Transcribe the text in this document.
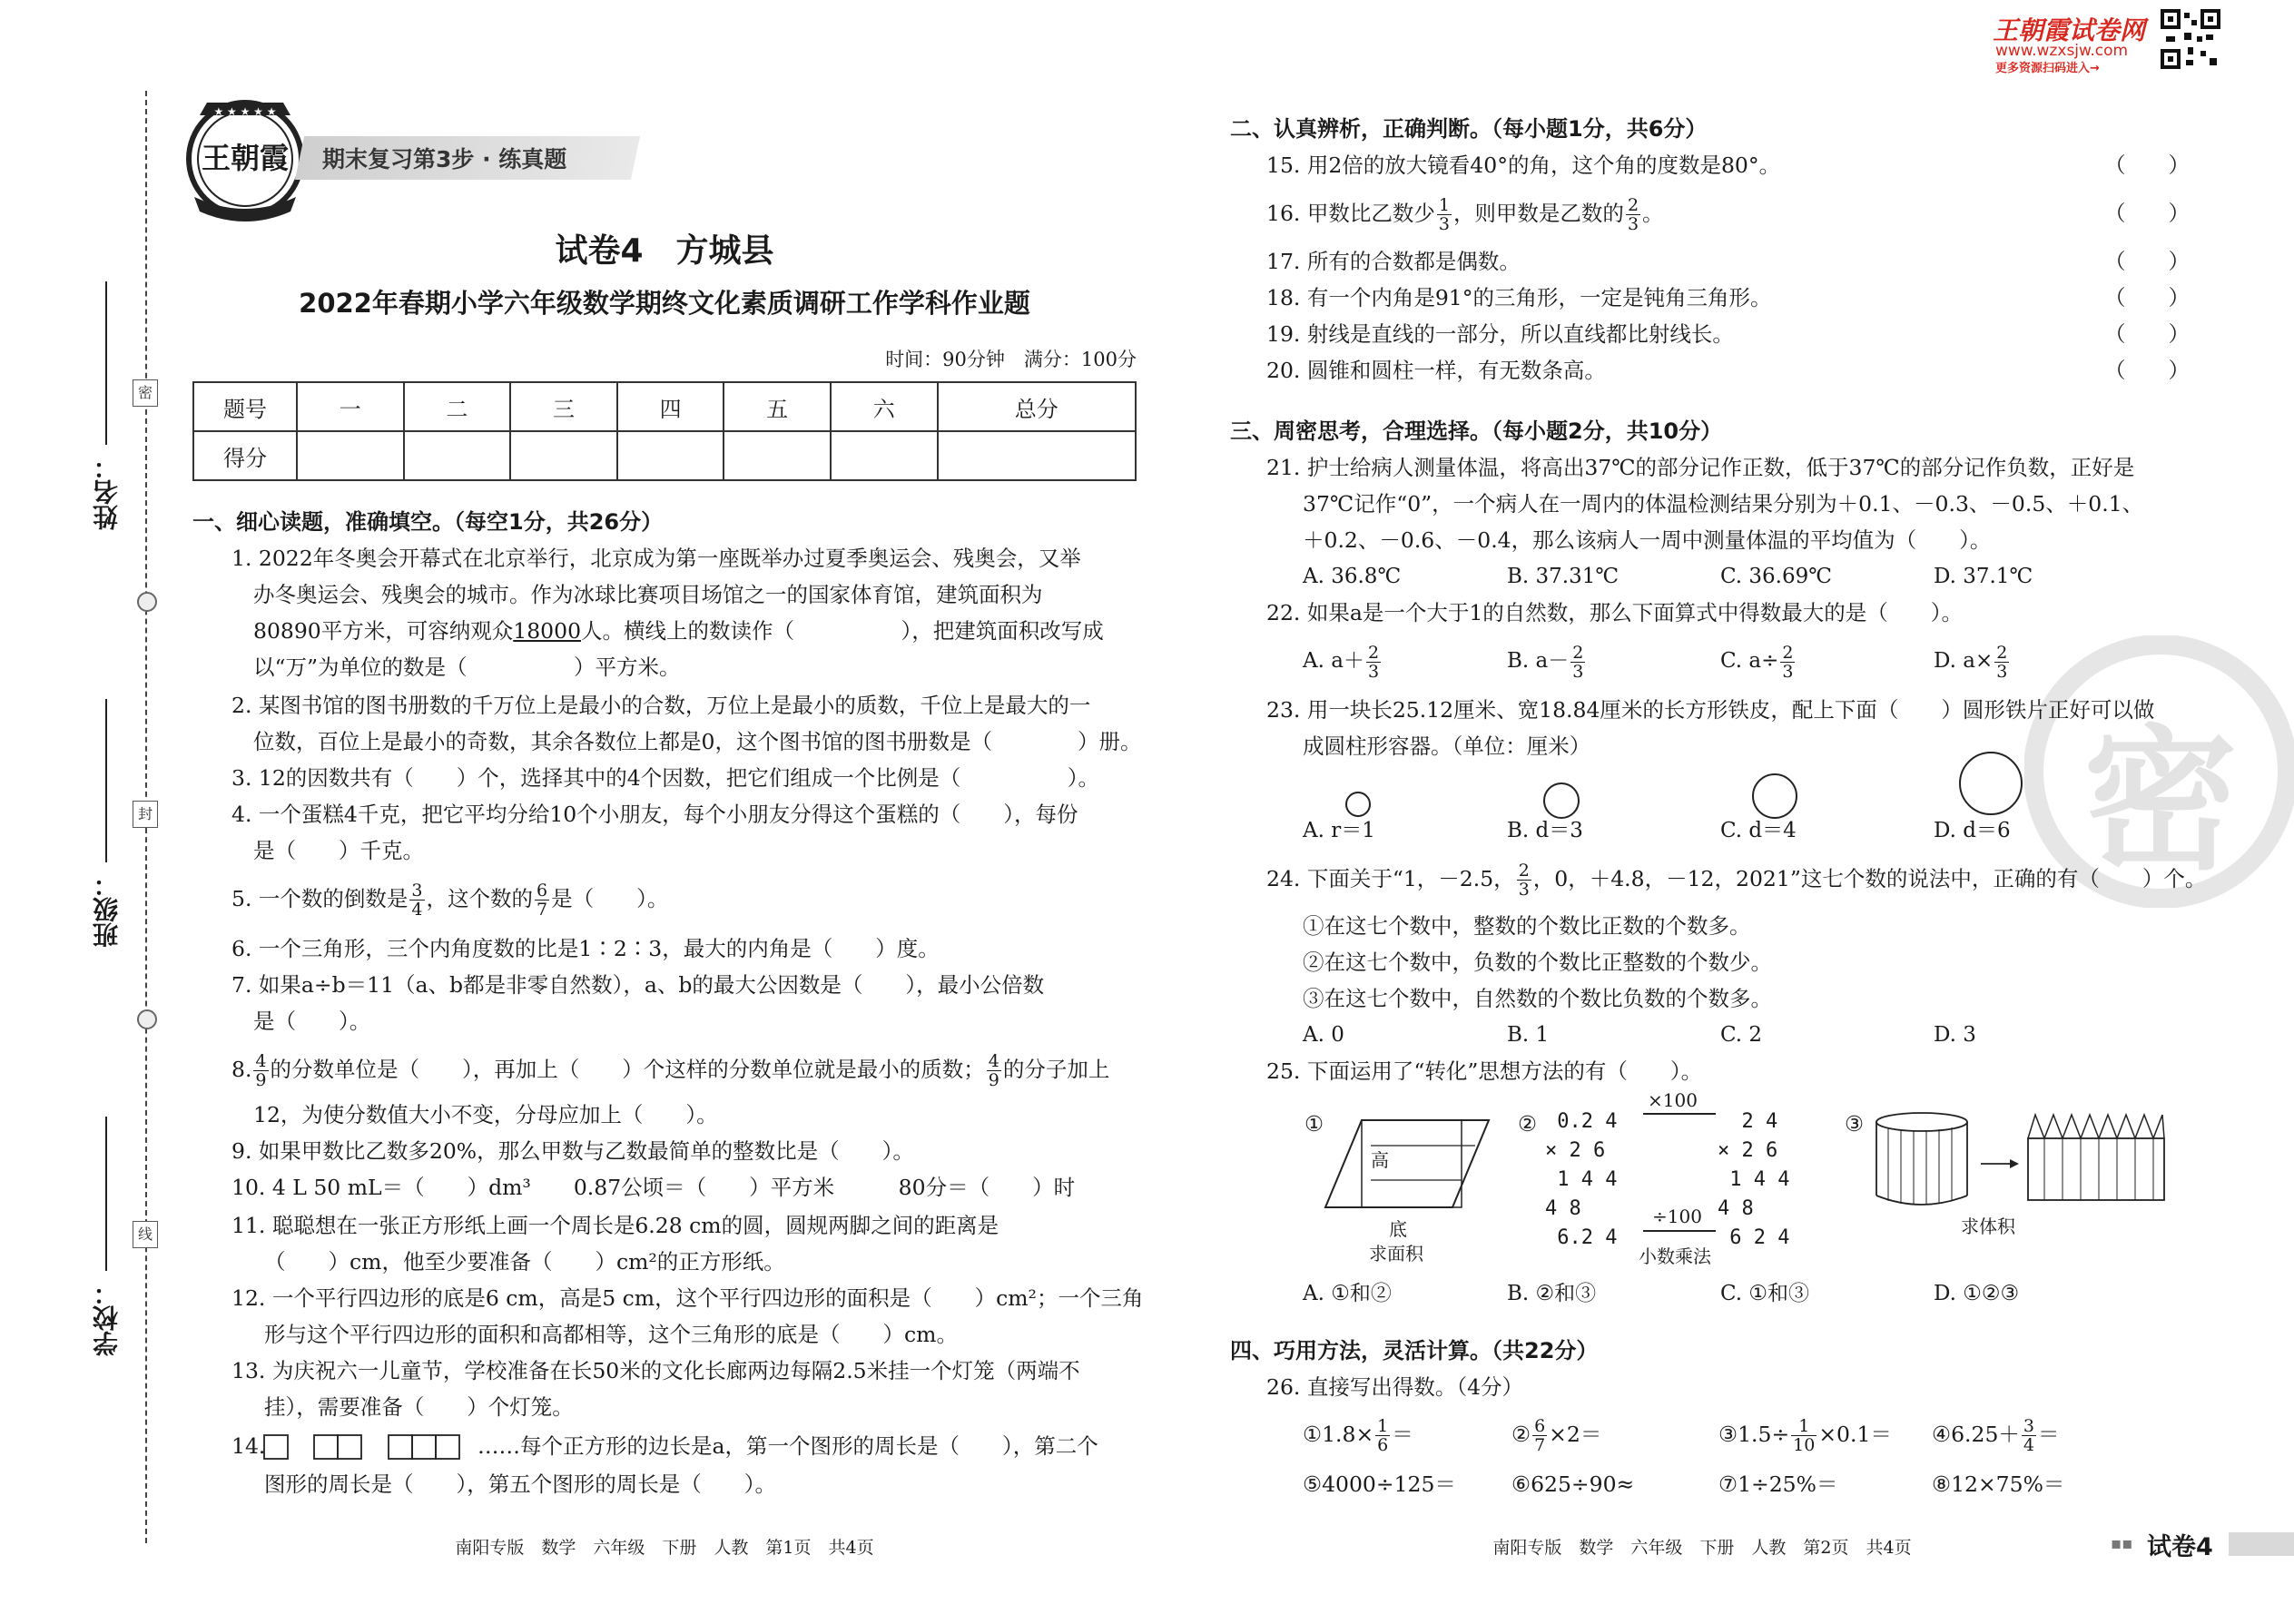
密
封
线
姓名：
班级：
学校：
★ ★ ★ ★ ★
王朝霞 期末复习第3步 · 练真题
试卷4　方城县
2022年春期小学六年级数学期终文化素质调研工作学科作业题
时间：90分钟　满分：100分
题号	一	二	三	四	五	六	总分
得分							
一、细心读题，准确填空。（每空1分，共26分）
1. 2022年冬奥会开幕式在北京举行，北京成为第一座既举办过夏季奥运会、残奥会，又举
办冬奥运会、残奥会的城市。作为冰球比赛项目场馆之一的国家体育馆，建筑面积为
80890平方米，可容纳观众18000人。横线上的数读作（　　　　　），把建筑面积改写成
以“万”为单位的数是（　　　　　）平方米。
2. 某图书馆的图书册数的千万位上是最小的合数，万位上是最小的质数，千位上是最大的一
位数，百位上是最小的奇数，其余各数位上都是0，这个图书馆的图书册数是（　　　　）册。
3. 12的因数共有（　　）个，选择其中的4个因数，把它们组成一个比例是（　　　　　）。
4. 一个蛋糕4千克，把它平均分给10个小朋友，每个小朋友分得这个蛋糕的（　　），每份
是（　　）千克。
5. 一个数的倒数是 $\frac{3}{4}$ ，这个数的 $\frac{6}{7}$ 是（　　）。
6. 一个三角形，三个内角度数的比是1∶2∶3，最大的内角是（　　）度。
7. 如果a÷b＝11（a、b都是非零自然数），a、b的最大公因数是（　　），最小公倍数
是（　　）。
8. $\frac{4}{9}$ 的分数单位是（　　），再加上（　　）个这样的分数单位就是最小的质数； $\frac{4}{9}$ 的分子加上
12，为使分数值大小不变，分母应加上（　　）。
9. 如果甲数比乙数多20%，那么甲数与乙数最简单的整数比是（　　）。
10. 4 L 50 mL＝（　　）dm³　　0.87公顷＝（　　）平方米　　　80分＝（　　）时
11. 聪聪想在一张正方形纸上画一个周长是6.28 cm的圆，圆规两脚之间的距离是
（　　）cm，他至少要准备（　　）cm²的正方形纸。
12. 一个平行四边形的底是6 cm，高是5 cm，这个平行四边形的面积是（　　）cm²；一个三角
形与这个平行四边形的面积和高都相等，这个三角形的底是（　　）cm。
13. 为庆祝六一儿童节，学校准备在长50米的文化长廊两边每隔2.5米挂一个灯笼（两端不
挂），需要准备（　　）个灯笼。
14.	……每个正方形的边长是a，第一个图形的周长是（　　），第二个
图形的周长是（　　），第五个图形的周长是（　　）。
南阳专版　数学　六年级　下册　人教　第1页　共4页
王朝霞试卷网
www.wzxsjw.com
更多资源扫码进入→
密
二、认真辨析，正确判断。（每小题1分，共6分）
15. 用2倍的放大镜看40°的角，这个角的度数是80°。	（　　）
16. 甲数比乙数少 $\frac{1}{3}$ ，则甲数是乙数的 $\frac{2}{3}$ 。	（　　）
17. 所有的合数都是偶数。	（　　）
18. 有一个内角是91°的三角形，一定是钝角三角形。	（　　）
19. 射线是直线的一部分，所以直线都比射线长。	（　　）
20. 圆锥和圆柱一样，有无数条高。	（　　）
三、周密思考，合理选择。（每小题2分，共10分）
21. 护士给病人测量体温，将高出37℃的部分记作正数，低于37℃的部分记作负数，正好是
37℃记作“0”，一个病人在一周内的体温检测结果分别为＋0.1、－0.3、－0.5、＋0.1、
＋0.2、－0.6、－0.4，那么该病人一周中测量体温的平均值为（　　）。
A. 36.8℃	B. 37.31℃	C. 36.69℃	D. 37.1℃
22. 如果a是一个大于1的自然数，那么下面算式中得数最大的是（　　）。
A. $a+ \frac{2}{3}$	B. $a- \frac{2}{3}$	C. $a\div \frac{2}{3}$	D. $a\times \frac{2}{3}$
23. 用一块长25.12厘米、宽18.84厘米的长方形铁皮，配上下面（　　）圆形铁片正好可以做
成圆柱形容器。（单位：厘米）
A. r＝1	B. d＝3	C. d＝4	D. d＝6
24. 下面关于“1，－2.5， $\frac{2}{3}$ ，0，＋4.8，－12，2021”这七个数的说法中，正确的有（　　）个。
①在这七个数中，整数的个数比正数的个数多。
②在这七个数中，负数的个数比正整数的个数少。
③在这七个数中，自然数的个数比负数的个数多。
A. 0	B. 1	C. 2	D. 3
25. 下面运用了“转化”思想方法的有（　　）。
①
高
底
求面积
②	0.2 4
× 2 6
1 4 4
4 8
6.2 4
2 4
× 2 6
1 4 4
4 8
6 2 4
×100
÷100
小数乘法
③
求体积
A. ①和②	B. ②和③	C. ①和③	D. ①②③
四、巧用方法，灵活计算。（共22分）
26. 直接写出得数。（4分）
①1.8× $\frac{1}{6}$ ＝	② $\frac{6}{7} \times 2=$	③1.5÷ $\frac{1}{10} \times 0.1=$ ④6.25＋ $\frac{3}{4}$ ＝
⑤4000÷125＝	⑥625÷90≈	⑦1÷25%＝	⑧12×75%＝
南阳专版　数学　六年级　下册　人教　第2页　共4页	▪▪ 试卷4
